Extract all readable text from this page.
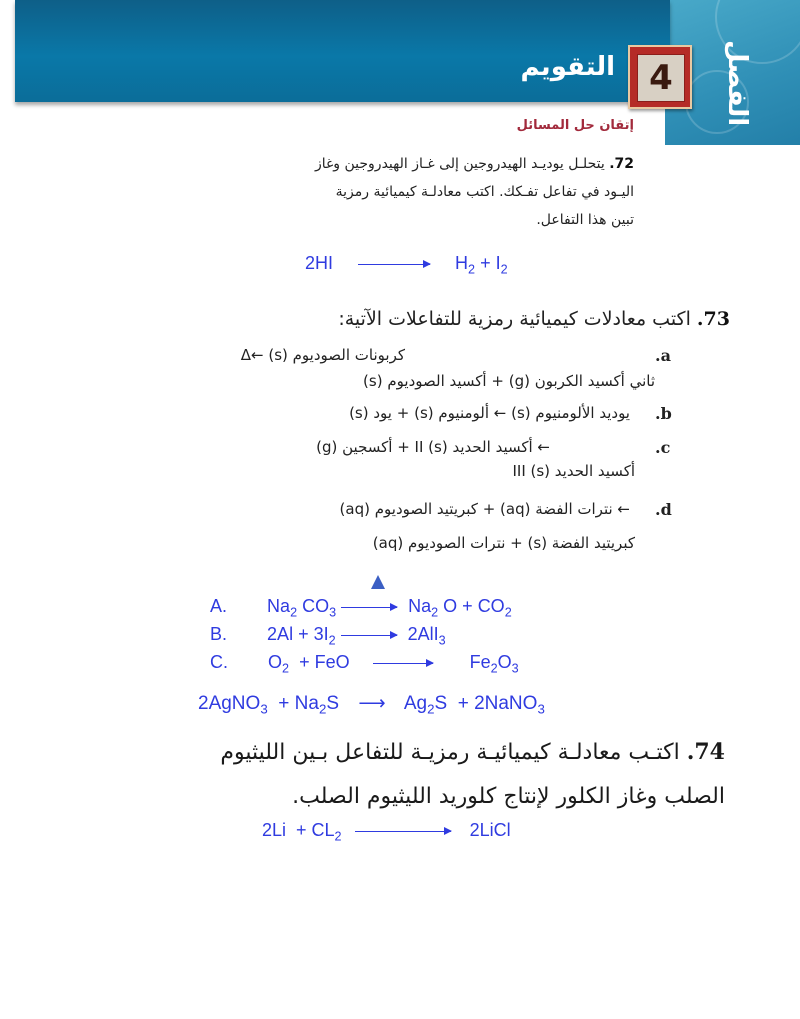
التقويم	4	الفصل
إتقان حل المسائل
72. يتحلـل يوديـد الهيدروجين إلى غـاز الهيدروجين وغاز
اليـود في تفاعل تفـكك. اكتب معادلـة كيميائية رمزية
تبين هذا التفاعل.
$2HI \to H_2 + I_2$
73. اكتب معادلات كيميائية رمزية للتفاعلات الآتية:
a.
كربونات الصوديوم (s) ←Δ
ثاني أكسيد الكربون (g) + أكسيد الصوديوم (s)
b.
يوديد الألومنيوم (s) ← ألومنيوم (s) + يود (s)
c.
← أكسيد الحديد II (s) + أكسجين (g)
أكسيد الحديد III (s)
d.
← نترات الفضة (aq) + كبريتيد الصوديوم (aq)
كبريتيد الفضة (s) + نترات الصوديوم (aq)
A. $Na_2$ $CO_3 \to Na_2$ $O + CO_2$
B. $2Al + 3I_2 \to 2AlI_3$
C. $O_2$  + FeO → $Fe_2O_3$
2AgNO$_3$  + $Na_2S$ ⟶ $Ag_2S$  + 2NaNO$_3$
74. اكتـب معادلـة كيميائيـة رمزيـة للتفاعل بـين الليثيوم
الصلب وغاز الكلور لإنتاج كلوريد الليثيوم الصلب.
$2Li + CL_2$	2LiCl
